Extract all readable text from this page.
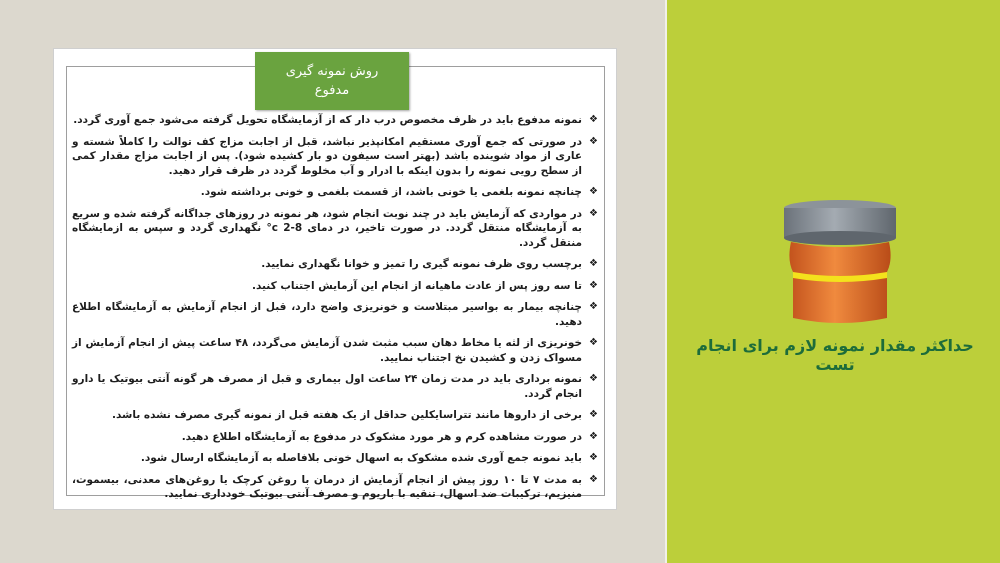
روش نمونه گیری
مدفوع
❖
نمونه مدفوع باید در ظرف مخصوص درب دار که از آزمایشگاه تحویل گرفته می‌شود جمع آوری گردد.
❖
در صورتی که جمع آوری مستقیم امکانپذیر نباشد، قبل از اجابت مزاج کف توالت را کاملاً شسته و عاری از مواد شوینده باشد (بهتر است سیفون دو بار کشیده شود). پس از اجابت مزاج مقدار کمی از سطح رویی نمونه را بدون اینکه با ادرار و آب مخلوط گردد در ظرف قرار دهید.
❖
چنانچه نمونه بلغمی یا خونی باشد، از قسمت بلغمی و خونی برداشته شود.
❖
در مواردی که آزمایش باید در چند نوبت انجام شود، هر نمونه در روزهای جداگانه گرفته شده و سریع به آزمایشگاه منتقل گردد. در صورت تاخیر، در دمای 8-2 c° نگهداری گردد و سپس به ازمایشگاه منتقل گردد.
❖
برچسب روی ظرف نمونه گیری را تمیز و خوانا نگهداری نمایید.
❖
تا سه روز پس از عادت ماهیانه از انجام این آزمایش اجتناب کنید.
❖
چنانچه بیمار به بواسیر مبتلاست و خونریزی واضح دارد، قبل از انجام آزمایش به آزمایشگاه اطلاع دهید.
❖
خونریزی از لثه یا مخاط دهان سبب مثبت شدن آزمایش می‌گردد، ۴۸ ساعت پیش از انجام آزمایش از مسواک زدن و کشیدن نخ اجتناب نمایید.
❖
نمونه برداری باید در مدت زمان ۲۴ ساعت اول بیماری و قبل از مصرف هر گونه آنتی بیوتیک یا دارو انجام گردد.
❖
برخی از داروها مانند تتراسایکلین حداقل از یک هفته قبل از نمونه گیری مصرف نشده باشد.
❖
در صورت مشاهده کرم و هر مورد مشکوک در مدفوع به آزمایشگاه اطلاع دهید.
❖
باید نمونه جمع آوری شده مشکوک به اسهال خونی بلافاصله به آزمایشگاه ارسال شود.
❖
به مدت ۷ تا ۱۰ روز پیش از انجام آزمایش از درمان با روغن کرچک یا روغن‌های معدنی، بیسموت، منیزیم، ترکیبات ضد اسهال، تنقیه با باریوم و مصرف آنتی بیوتیک خودداری نمایید.
حداکثر مقدار نمونه لازم برای انجام تست
